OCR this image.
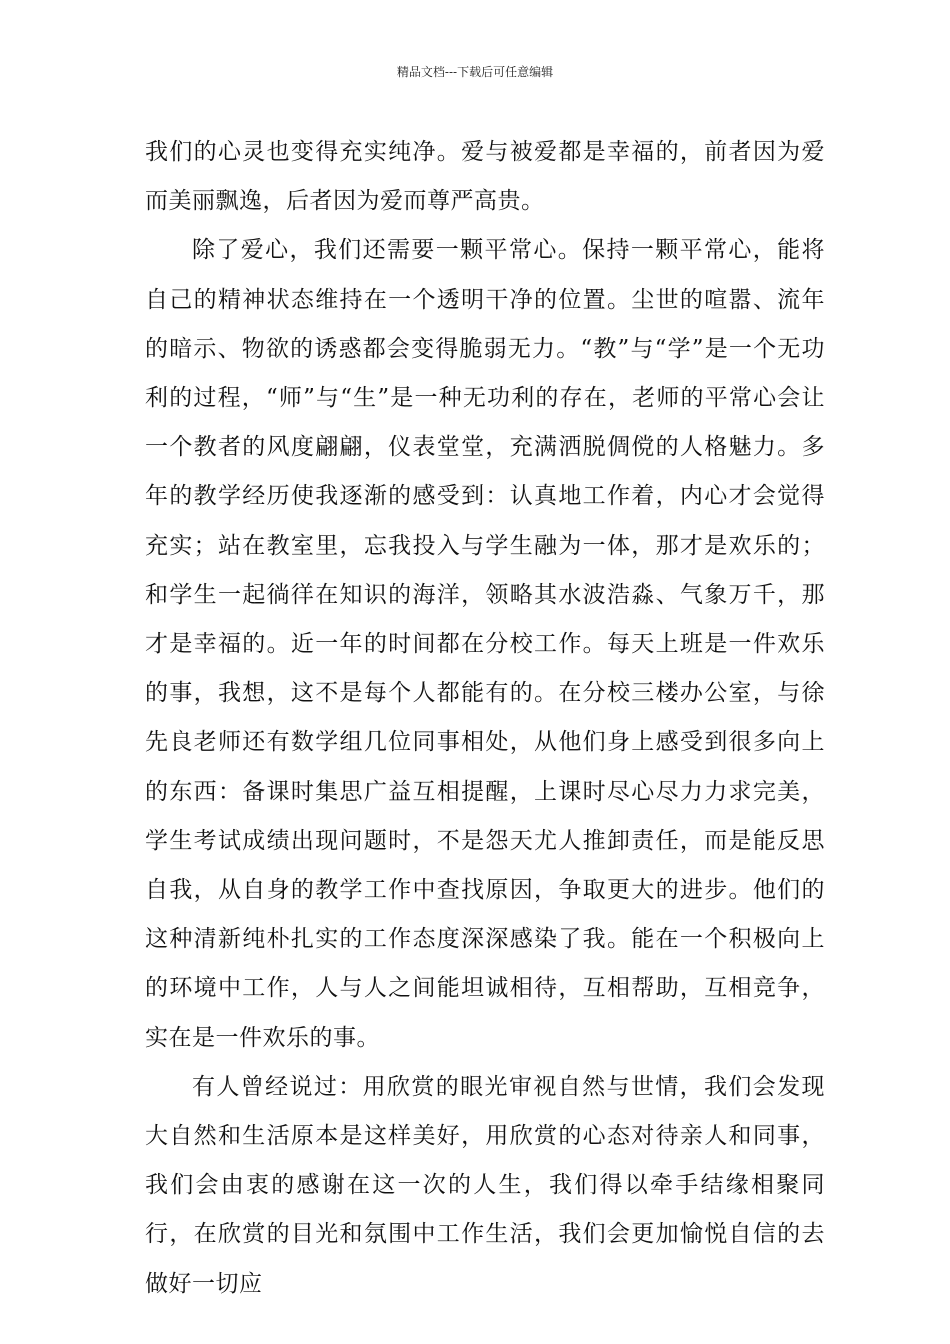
精品文档---下载后可任意编辑

我们的心灵也变得充实纯净。爱与被爱都是幸福的，前者因为爱而美丽飘逸，后者因为爱而尊严高贵。

除了爱心，我们还需要一颗平常心。保持一颗平常心，能将自己的精神状态维持在一个透明干净的位置。尘世的喧嚣、流年的暗示、物欲的诱惑都会变得脆弱无力。“教”与“学”是一个无功利的过程，“师”与“生”是一种无功利的存在，老师的平常心会让一个教者的风度翩翩，仪表堂堂，充满洒脱倜傥的人格魅力。多年的教学经历使我逐渐的感受到：认真地工作着，内心才会觉得充实；站在教室里，忘我投入与学生融为一体，那才是欢乐的；和学生一起徜徉在知识的海洋，领略其水波浩淼、气象万千，那才是幸福的。近一年的时间都在分校工作。每天上班是一件欢乐的事，我想，这不是每个人都能有的。在分校三楼办公室，与徐先良老师还有数学组几位同事相处，从他们身上感受到很多向上的东西：备课时集思广益互相提醒，上课时尽心尽力力求完美，学生考试成绩出现问题时，不是怨天尤人推卸责任，而是能反思自我，从自身的教学工作中查找原因，争取更大的进步。他们的这种清新纯朴扎实的工作态度深深感染了我。能在一个积极向上的环境中工作，人与人之间能坦诚相待，互相帮助，互相竞争，实在是一件欢乐的事。

有人曾经说过：用欣赏的眼光审视自然与世情，我们会发现大自然和生活原本是这样美好，用欣赏的心态对待亲人和同事，我们会由衷的感谢在这一次的人生，我们得以牵手结缘相聚同行，在欣赏的目光和氛围中工作生活，我们会更加愉悦自信的去做好一切应
